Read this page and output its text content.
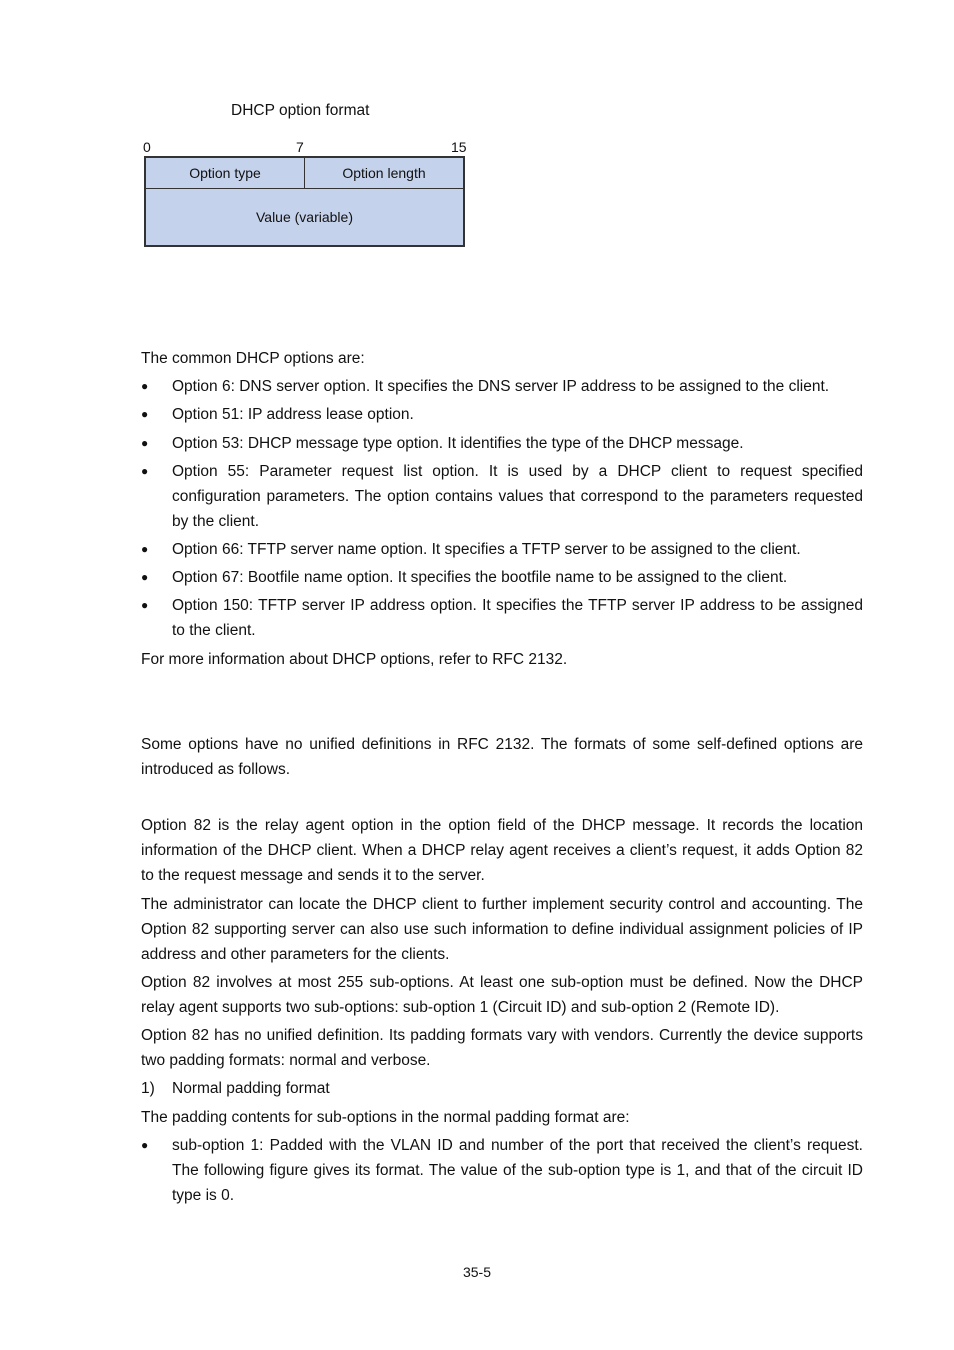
DHCP option format
0	7	15
Option type	Option length
Value (variable)
The common DHCP options are:
● Option 6: DNS server option. It specifies the DNS server IP address to be assigned to the client.
● Option 51: IP address lease option.
● Option 53: DHCP message type option. It identifies the type of the DHCP message.
● Option 55: Parameter request list option. It is used by a DHCP client to request specified configuration parameters. The option contains values that correspond to the parameters requested by the client.
● Option 66: TFTP server name option. It specifies a TFTP server to be assigned to the client.
● Option 67: Bootfile name option. It specifies the bootfile name to be assigned to the client.
● Option 150: TFTP server IP address option. It specifies the TFTP server IP address to be assigned to the client.
For more information about DHCP options, refer to RFC 2132.
Some options have no unified definitions in RFC 2132. The formats of some self-defined options are introduced as follows.
Option 82 is the relay agent option in the option field of the DHCP message. It records the location information of the DHCP client. When a DHCP relay agent receives a client’s request, it adds Option 82 to the request message and sends it to the server.
The administrator can locate the DHCP client to further implement security control and accounting. The Option 82 supporting server can also use such information to define individual assignment policies of IP address and other parameters for the clients.
Option 82 involves at most 255 sub-options. At least one sub-option must be defined. Now the DHCP relay agent supports two sub-options: sub-option 1 (Circuit ID) and sub-option 2 (Remote ID).
Option 82 has no unified definition. Its padding formats vary with vendors. Currently the device supports two padding formats: normal and verbose.
1) Normal padding format
The padding contents for sub-options in the normal padding format are:
● sub-option 1: Padded with the VLAN ID and number of the port that received the client’s request. The following figure gives its format. The value of the sub-option type is 1, and that of the circuit ID type is 0.
35-5
